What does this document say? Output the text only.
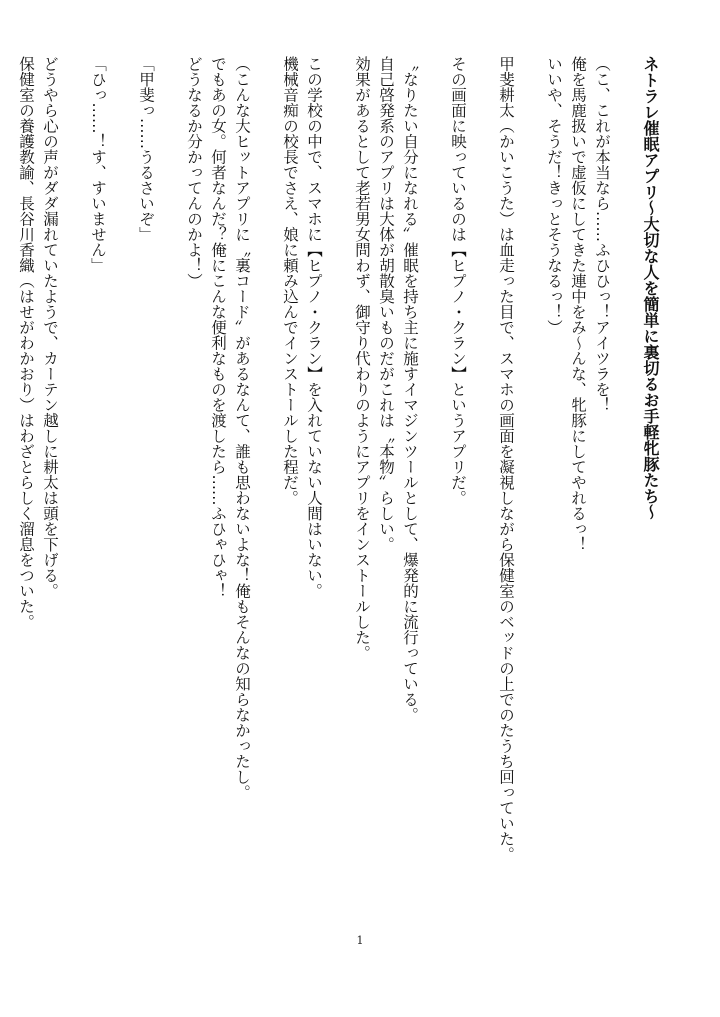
ネトラレ催眠アプリ～大切な人を簡単に裏切るお手軽牝豚たち～
（こ、これが本当なら……ふひひっ！アイツラを！
俺を馬鹿扱いで虚仮にしてきた連中をみ～んな、牝豚にしてやれるっ！
いいや、そうだ！きっとそうなるっ！）
甲斐耕太（かいこうた）は血走った目で、スマホの画面を凝視しながら保健室のベッドの上でのたうち回っていた。
その画面に映っているのは【ヒプノ・クラン】というアプリだ。
〝なりたい自分になれる〟催眠を持ち主に施すイマジンツールとして、爆発的に流行っている。
自己啓発系のアプリは大体が胡散臭いものだがこれは〝本物〟らしい。
効果があるとして老若男女問わず、御守り代わりのようにアプリをインストールした。
この学校の中で、スマホに【ヒプノ・クラン】を入れていない人間はいない。
機械音痴の校長でさえ、娘に頼み込んでインストールした程だ。
（こんな大ヒットアプリに〝裏コード〟があるなんて、誰も思わないよな！俺もそんなの知らなかったし。
でもあの女。何者なんだ？俺にこんな便利なものを渡したら……ふひゃひゃ！
どうなるか分かってんのかよ！）
「甲斐っ……うるさいぞ」
「ひっ……！す、すいません」
どうやら心の声がダダ漏れていたようで、カーテン越しに耕太は頭を下げる。
保健室の養護教諭、長谷川香織（はせがわかおり）はわざとらしく溜息をついた。
1
